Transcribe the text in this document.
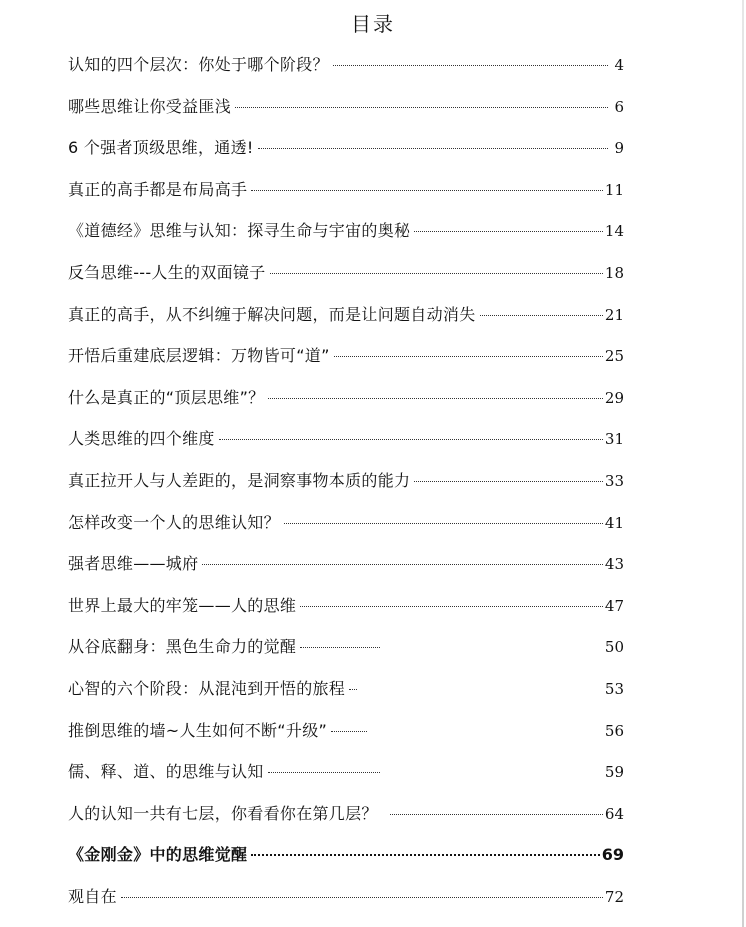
目录
认知的四个层次：你处于哪个阶段？	4
哪些思维让你受益匪浅	6
6 个强者顶级思维，通透!	9
真正的高手都是布局高手	11
《道德经》思维与认知：探寻生命与宇宙的奥秘	14
反刍思维---人生的双面镜子	18
真正的高手，从不纠缠于解决问题，而是让问题自动消失	21
开悟后重建底层逻辑：万物皆可“道”	25
什么是真正的“顶层思维”？	29
人类思维的四个维度	31
真正拉开人与人差距的，是洞察事物本质的能力	33
怎样改变一个人的思维认知？	41
强者思维——城府	43
世界上最大的牢笼——人的思维	47
从谷底翻身：黑色生命力的觉醒	50
心智的六个阶段：从混沌到开悟的旅程	53
推倒思维的墙~人生如何不断“升级”	56
儒、释、道、的思维与认知	59
人的认知一共有七层，你看看你在第几层？	64
《金刚金》中的思维觉醒	69
观自在	72
